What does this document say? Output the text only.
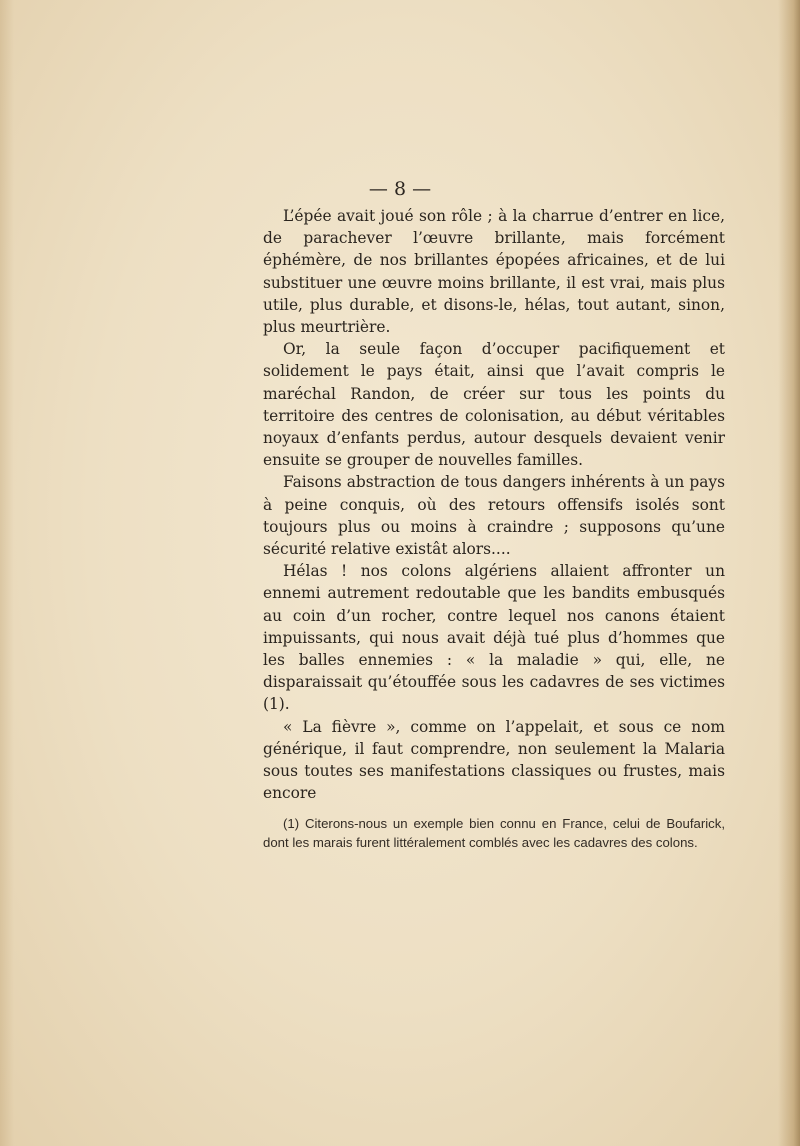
— 8 —

L’épée avait joué son rôle ; à la charrue d’entrer en lice, de parachever l’œuvre brillante, mais forcément éphémère, de nos brillantes épopées africaines, et de lui substituer une œuvre moins brillante, il est vrai, mais plus utile, plus durable, et disons-le, hélas, tout autant, sinon, plus meurtrière.

Or, la seule façon d’occuper pacifiquement et solidement le pays était, ainsi que l’avait compris le maréchal Randon, de créer sur tous les points du territoire des centres de colonisation, au début véritables noyaux d’enfants perdus, autour desquels devaient venir ensuite se grouper de nouvelles familles.

Faisons abstraction de tous dangers inhérents à un pays à peine conquis, où des retours offensifs isolés sont toujours plus ou moins à craindre ; supposons qu’une sécurité relative existât alors....

Hélas ! nos colons algériens allaient affronter un ennemi autrement redoutable que les bandits embusqués au coin d’un rocher, contre lequel nos canons étaient impuissants, qui nous avait déjà tué plus d’hommes que les balles ennemies : « la maladie » qui, elle, ne disparaissait qu’étouffée sous les cadavres de ses victimes (1).

« La fièvre », comme on l’appelait, et sous ce nom générique, il faut comprendre, non seulement la Malaria sous toutes ses manifestations classiques ou frustes, mais encore

(1) Citerons-nous un exemple bien connu en France, celui de Boufarick, dont les marais furent littéralement comblés avec les cadavres des colons.
